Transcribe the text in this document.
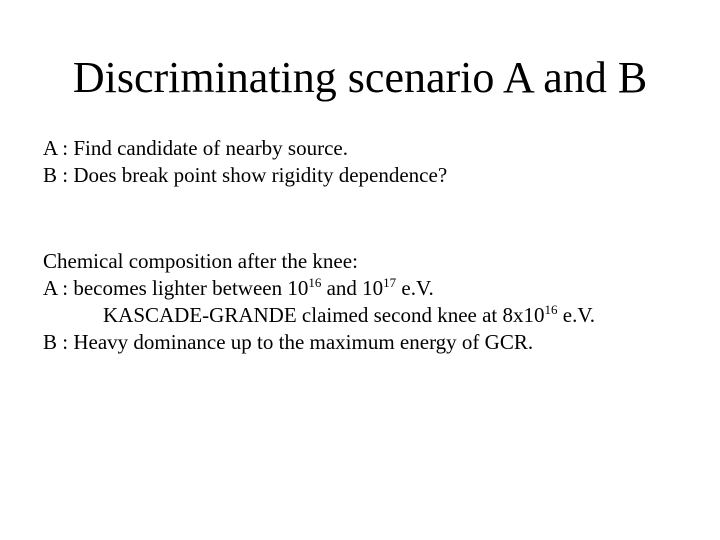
Discriminating scenario A and B
A : Find candidate of nearby source.
B : Does break point show rigidity dependence?
Chemical composition after the knee:
A : becomes lighter between $10^{16}$ and $10^{17}$ e.V.
KASCADE-GRANDE claimed second knee at $8x10^{16}$ e.V.
B : Heavy dominance up to the maximum energy of GCR.
